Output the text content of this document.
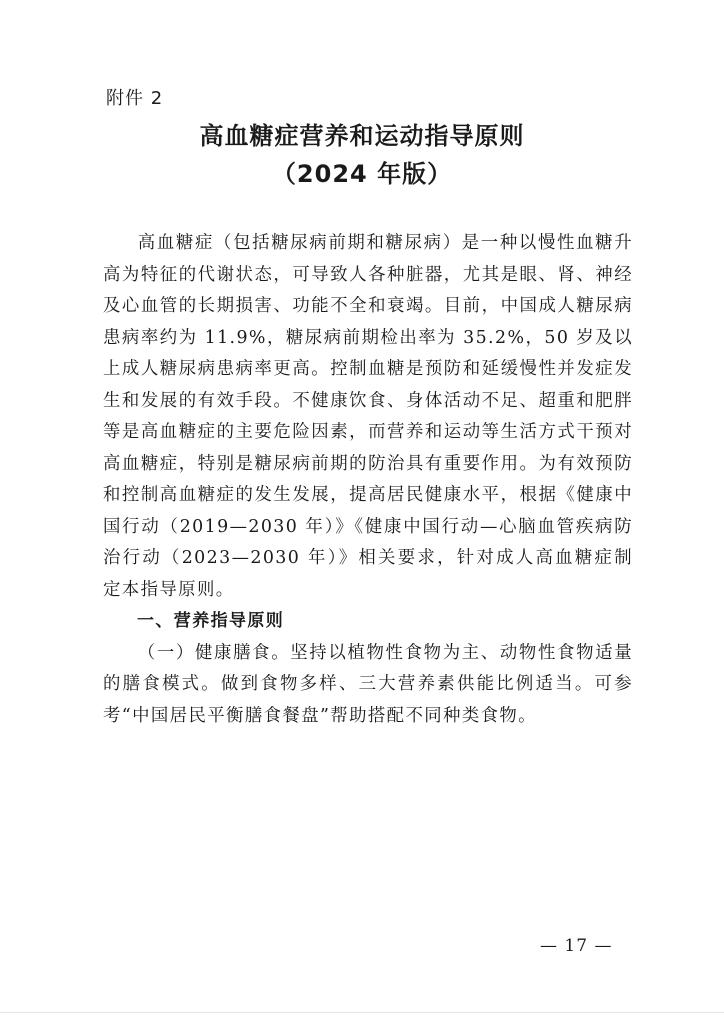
附件 2
高血糖症营养和运动指导原则
（2024 年版）

高血糖症（包括糖尿病前期和糖尿病）是一种以慢性血糖升高为特征的代谢状态，可导致人各种脏器，尤其是眼、肾、神经及心血管的长期损害、功能不全和衰竭。目前，中国成人糖尿病患病率约为 11.9%，糖尿病前期检出率为 35.2%，50 岁及以上成人糖尿病患病率更高。控制血糖是预防和延缓慢性并发症发生和发展的有效手段。不健康饮食、身体活动不足、超重和肥胖等是高血糖症的主要危险因素，而营养和运动等生活方式干预对高血糖症，特别是糖尿病前期的防治具有重要作用。为有效预防和控制高血糖症的发生发展，提高居民健康水平，根据《健康中国行动（2019—2030 年）》《健康中国行动—心脑血管疾病防治行动（2023—2030 年）》相关要求，针对成人高血糖症制定本指导原则。

一、营养指导原则

（一）健康膳食。坚持以植物性食物为主、动物性食物适量的膳食模式。做到食物多样、三大营养素供能比例适当。可参考“中国居民平衡膳食餐盘”帮助搭配不同种类食物。

— 17 —
